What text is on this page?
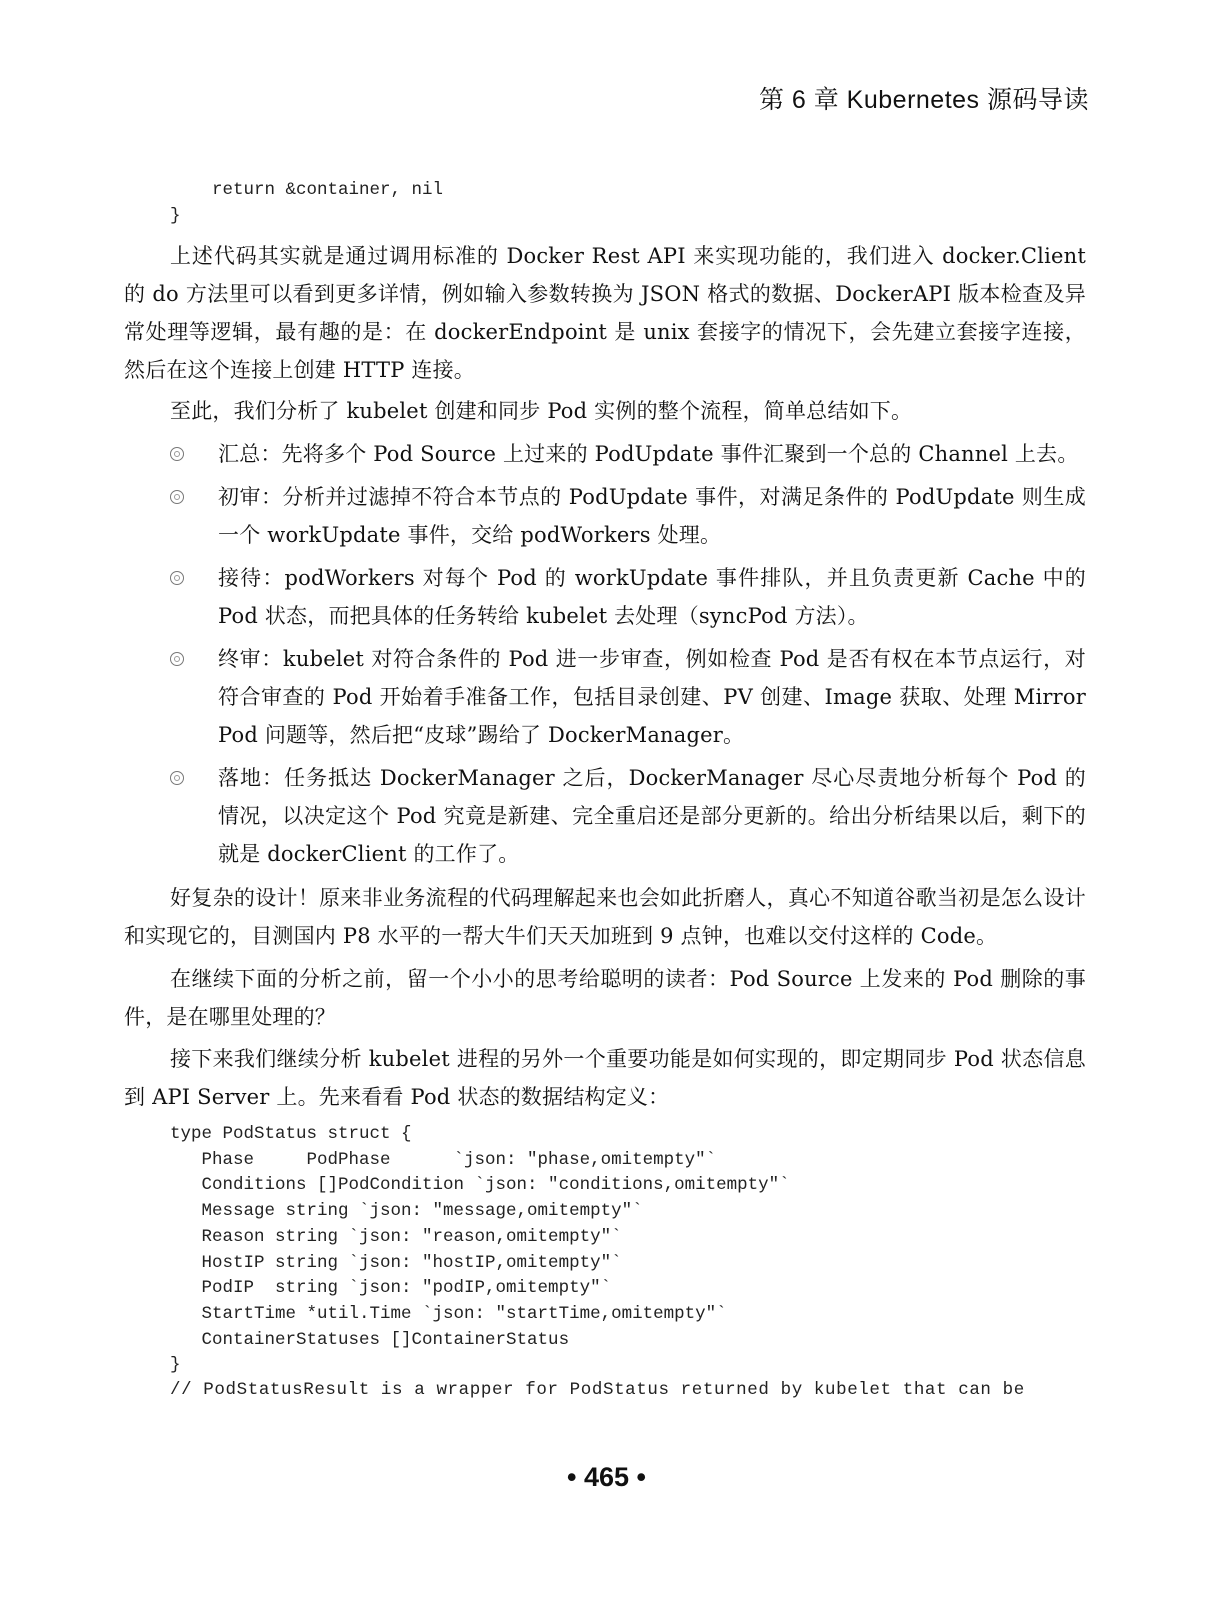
第 6 章 Kubernetes 源码导读
return &container, nil
}

上述代码其实就是通过调用标准的 Docker Rest API 来实现功能的，我们进入 docker.Client 的 do 方法里可以看到更多详情，例如输入参数转换为 JSON 格式的数据、DockerAPI 版本检查及异常处理等逻辑，最有趣的是：在 dockerEndpoint 是 unix 套接字的情况下，会先建立套接字连接，然后在这个连接上创建 HTTP 连接。

至此，我们分析了 kubelet 创建和同步 Pod 实例的整个流程，简单总结如下。

汇总：先将多个 Pod Source 上过来的 PodUpdate 事件汇聚到一个总的 Channel 上去。
初审：分析并过滤掉不符合本节点的 PodUpdate 事件，对满足条件的 PodUpdate 则生成一个 workUpdate 事件，交给 podWorkers 处理。
接待：podWorkers 对每个 Pod 的 workUpdate 事件排队，并且负责更新 Cache 中的 Pod 状态，而把具体的任务转给 kubelet 去处理（syncPod 方法）。
终审：kubelet 对符合条件的 Pod 进一步审查，例如检查 Pod 是否有权在本节点运行，对符合审查的 Pod 开始着手准备工作，包括目录创建、PV 创建、Image 获取、处理 Mirror Pod 问题等，然后把“皮球”踢给了 DockerManager。
落地：任务抵达 DockerManager 之后，DockerManager 尽心尽责地分析每个 Pod 的情况，以决定这个 Pod 究竟是新建、完全重启还是部分更新的。给出分析结果以后，剩下的就是 dockerClient 的工作了。

好复杂的设计！原来非业务流程的代码理解起来也会如此折磨人，真心不知道谷歌当初是怎么设计和实现它的，目测国内 P8 水平的一帮大牛们天天加班到 9 点钟，也难以交付这样的 Code。

在继续下面的分析之前，留一个小小的思考给聪明的读者：Pod Source 上发来的 Pod 删除的事件，是在哪里处理的？

接下来我们继续分析 kubelet 进程的另外一个重要功能是如何实现的，即定期同步 Pod 状态信息到 API Server 上。先来看看 Pod 状态的数据结构定义：

type PodStatus struct {
Phase     PodPhase      `json: "phase,omitempty"`
Conditions []PodCondition `json: "conditions,omitempty"`
Message string `json: "message,omitempty"`
Reason string `json: "reason,omitempty"`
HostIP string `json: "hostIP,omitempty"`
PodIP  string `json: "podIP,omitempty"`
StartTime *util.Time `json: "startTime,omitempty"`
ContainerStatuses []ContainerStatus
}
// PodStatusResult is a wrapper for PodStatus returned by kubelet that can be
• 465 •
